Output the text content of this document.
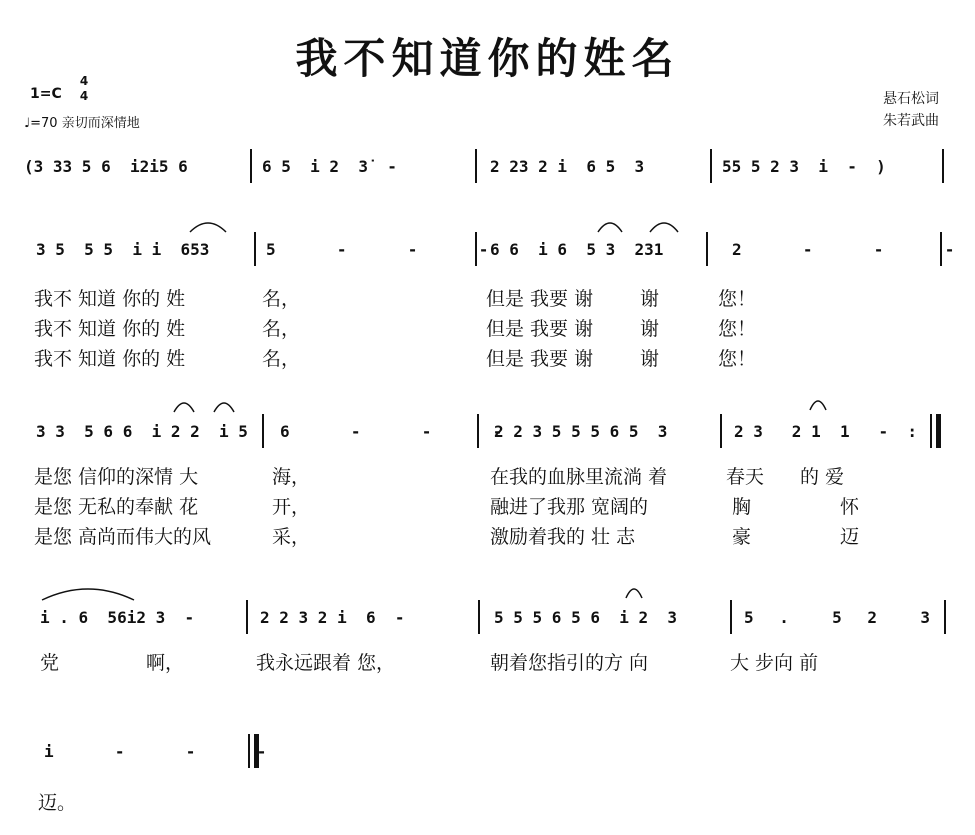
我不知道你的姓名
1=C
4
4
♩=70 亲切而深情地
悬石松词
朱若武曲
(3 33 5 6  i2i5 6	6 5  i 2  3̇  -	2 23 2 i  6 5  3	55 5 2 3  i  -  )
3 5  5 5  i i  653	5  -  -  -
6 6  i 6  5 3  231	2  -  -  -
我不 知道 你的 姓	名，	但是 我要 谢 谢	您！
我不 知道 你的 姓	名，	但是 我要 谢 谢	您！
我不 知道 你的 姓	名，	但是 我要 谢 谢	您！
3 3  5 6 6  i 2 2  i 5 6  -  -  -
2 2 3 5 5 5 6 5  3	2 3   2 1  1   -  :
是您 信仰的深情 大	海，	在我的血脉里流淌 着	春天 的 爱
是您 无私的奉献 花	开，	融进了我那 宽阔的	胸	怀
是您 高尚而伟大的风	采，	激励着我的 壮 志	豪	迈
i . 6  56i2 3  -	2 2 3 2 i  6  -	5 5 5 6 5 6  i 2  3	5 .  5 2  3
党	啊，	我永远跟着 您，	朝着您指引的方 向	大 步向 前
i  -  -  -
迈。
